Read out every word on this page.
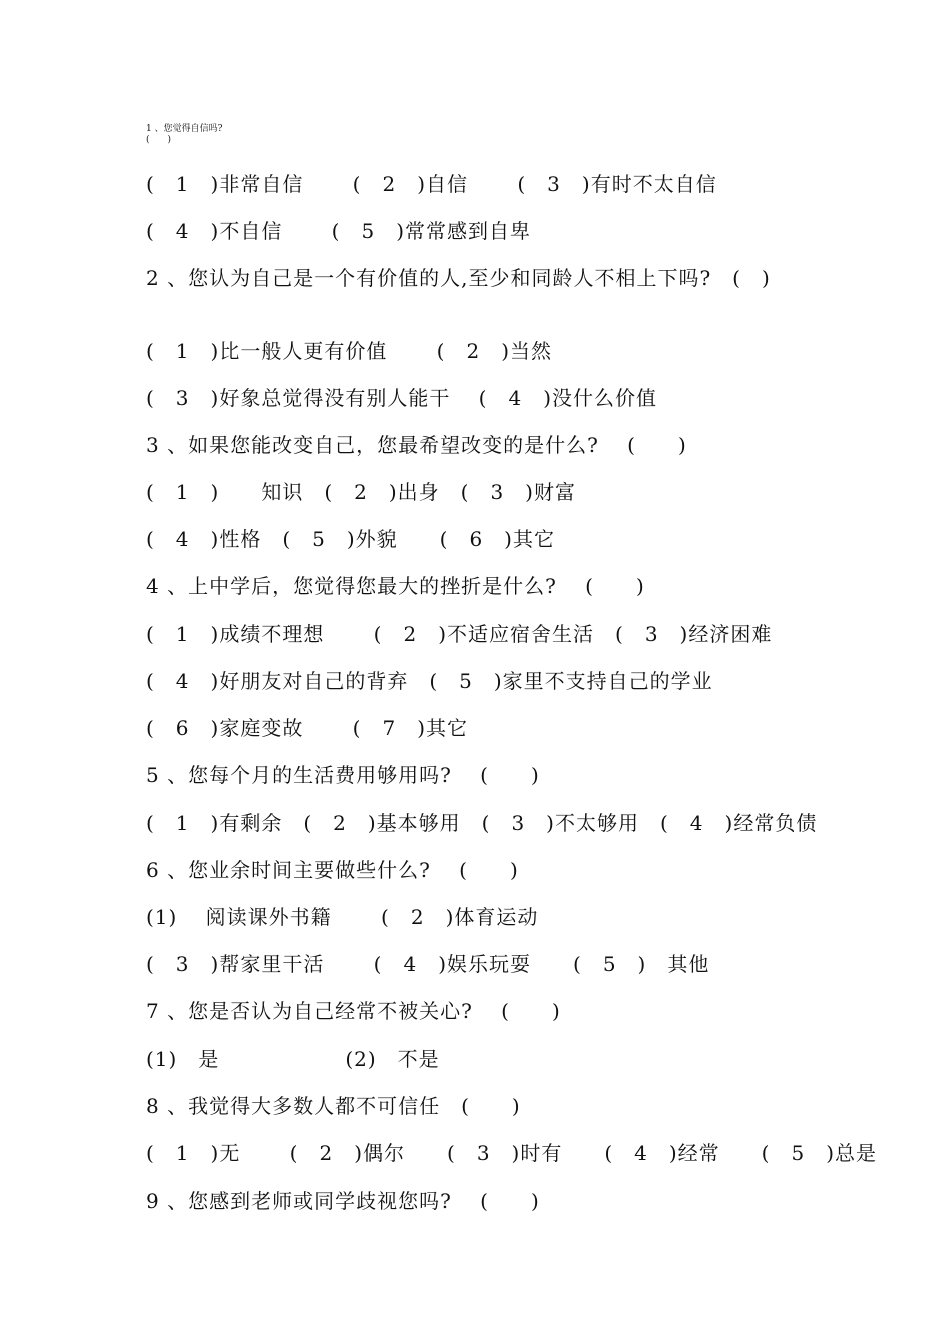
1 、您觉得自信吗?　 (　　)
(　1　)非常自信　　 (　2　)自信　　 (　3　)有时不太自信
(　4　)不自信　　 (　5　)常常感到自卑
2 、您认为自己是一个有价值的人,至少和同龄人不相上下吗?　(　)
(　1　)比一般人更有价值　　 (　2　)当然
(　3　)好象总觉得没有别人能干　 (　4　)没什么价值
3 、如果您能改变自己，您最希望改变的是什么?　 (　　)
(　1　)　　知识　(　2　)出身　(　3　)财富
(　4　)性格　(　5　)外貌　　(　6　)其它
4 、上中学后，您觉得您最大的挫折是什么?　 (　　)
(　1　)成绩不理想　　 (　2　)不适应宿舍生活　(　3　)经济困难
(　4　)好朋友对自己的背弃　(　5　)家里不支持自己的学业
(　6　)家庭变故　　 (　7　)其它
5 、您每个月的生活费用够用吗?　 (　　)
(　1　)有剩余　(　2　)基本够用　(　3　)不太够用　(　4　)经常负债
6 、您业余时间主要做些什么?　 (　　)
(1)　 阅读课外书籍　　 (　2　)体育运动
(　3　)帮家里干活　　 (　4　)娱乐玩耍　　(　5　)　其他
7 、您是否认为自己经常不被关心?　 (　　)
(1)　是　　　　　　(2)　不是
8 、我觉得大多数人都不可信任　(　　)
(　1　)无　　 (　2　)偶尔　　(　3　)时有　　(　4　)经常　　(　5　)总是
9 、您感到老师或同学歧视您吗?　 (　　)
